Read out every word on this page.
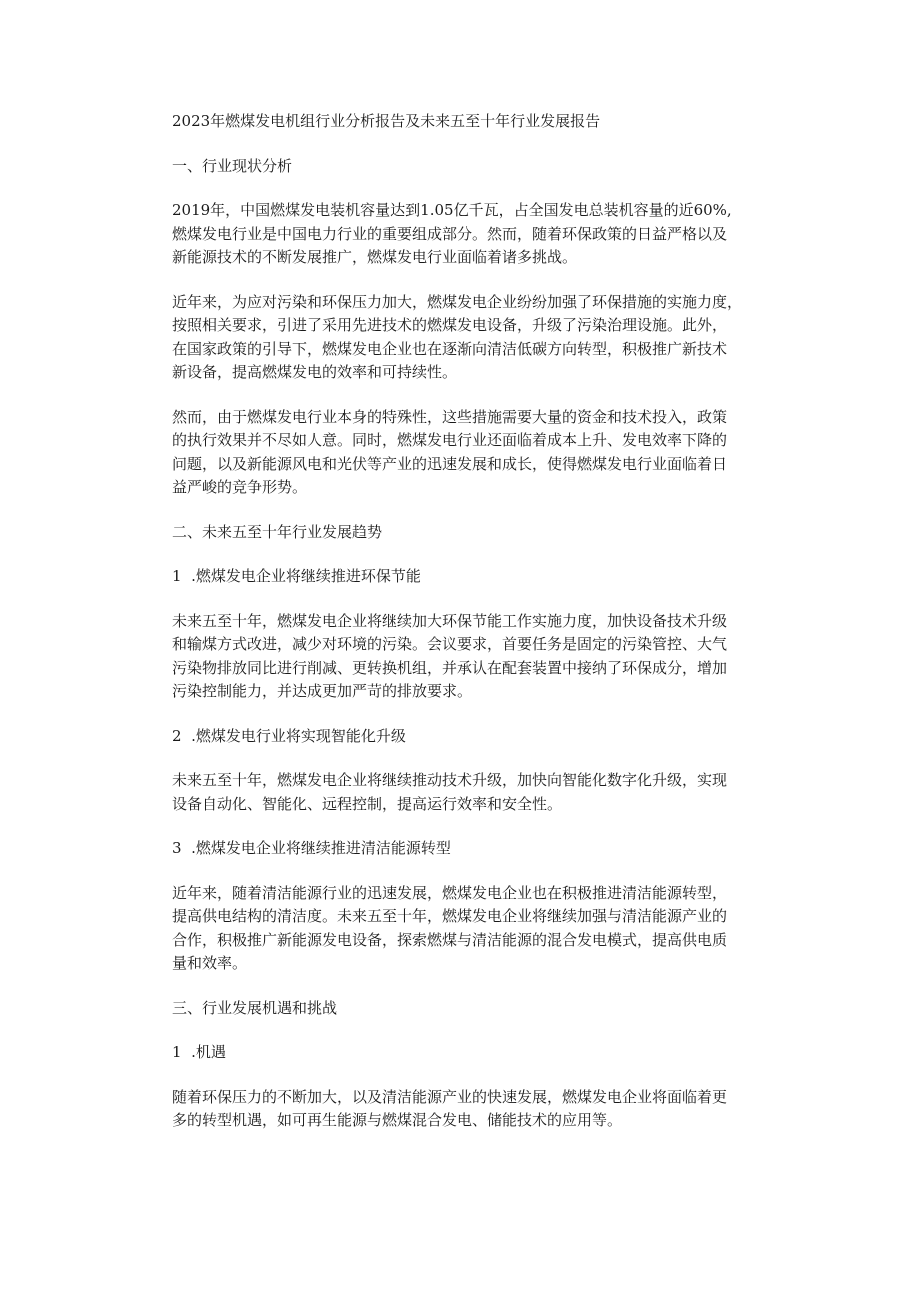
2023年燃煤发电机组行业分析报告及未来五至十年行业发展报告

一、行业现状分析

2019年，中国燃煤发电装机容量达到1.05亿千瓦，占全国发电总装机容量的近60%,

燃煤发电行业是中国电力行业的重要组成部分。然而，随着环保政策的日益严格以及

新能源技术的不断发展推广，燃煤发电行业面临着诸多挑战。

近年来，为应对污染和环保压力加大，燃煤发电企业纷纷加强了环保措施的实施力度，

按照相关要求，引进了采用先进技术的燃煤发电设备，升级了污染治理设施。此外，

在国家政策的引导下，燃煤发电企业也在逐渐向清洁低碳方向转型，积极推广新技术

新设备，提高燃煤发电的效率和可持续性。

然而，由于燃煤发电行业本身的特殊性，这些措施需要大量的资金和技术投入，政策

的执行效果并不尽如人意。同时，燃煤发电行业还面临着成本上升、发电效率下降的

问题，以及新能源风电和光伏等产业的迅速发展和成长，使得燃煤发电行业面临着日

益严峻的竞争形势。

二、未来五至十年行业发展趋势

1  .燃煤发电企业将继续推进环保节能

未来五至十年，燃煤发电企业将继续加大环保节能工作实施力度，加快设备技术升级

和输煤方式改进，减少对环境的污染。会议要求，首要任务是固定的污染管控、大气

污染物排放同比进行削减、更转换机组，并承认在配套装置中接纳了环保成分，增加

污染控制能力，并达成更加严苛的排放要求。

2  .燃煤发电行业将实现智能化升级

未来五至十年，燃煤发电企业将继续推动技术升级，加快向智能化数字化升级，实现

设备自动化、智能化、远程控制，提高运行效率和安全性。

3  .燃煤发电企业将继续推进清洁能源转型

近年来，随着清洁能源行业的迅速发展，燃煤发电企业也在积极推进清洁能源转型，

提高供电结构的清洁度。未来五至十年，燃煤发电企业将继续加强与清洁能源产业的

合作，积极推广新能源发电设备，探索燃煤与清洁能源的混合发电模式，提高供电质

量和效率。

三、行业发展机遇和挑战

1  .机遇

随着环保压力的不断加大，以及清洁能源产业的快速发展，燃煤发电企业将面临着更

多的转型机遇，如可再生能源与燃煤混合发电、储能技术的应用等。
